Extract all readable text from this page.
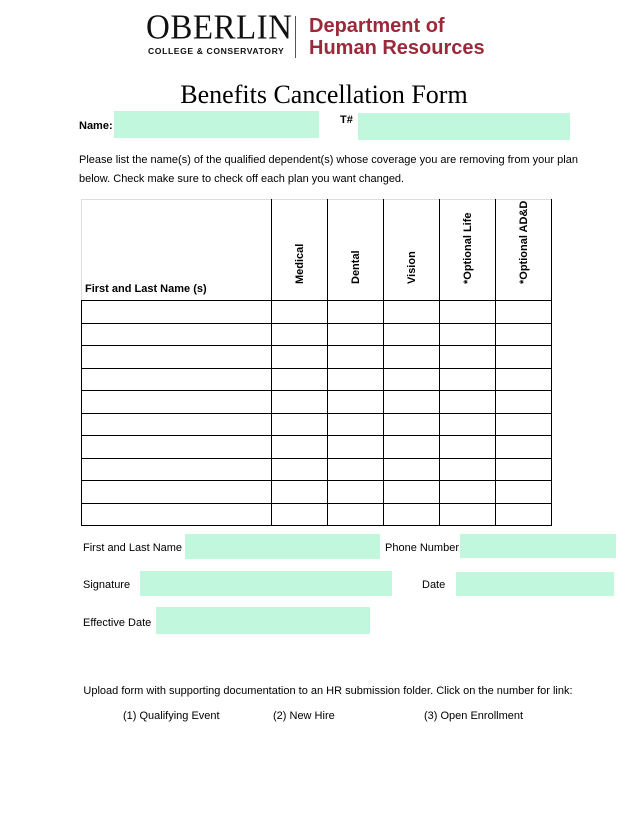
OBERLIN
COLLEGE & CONSERVATORY
Department of
Human Resources
Benefits Cancellation Form
Name:	T#
Please list the name(s) of the qualified dependent(s) whose coverage you are removing from your plan below. Check make sure to check off each plan you want changed.
First and Last Name (s)	Medical	Dental	Vision	*Optional Life	*Optional AD&D

First and Last Name	Phone Number
Signature	Date
Effective Date
Upload form with supporting documentation to an HR submission folder. Click on the number for link:
(1) Qualifying Event	(2) New Hire	(3) Open Enrollment
